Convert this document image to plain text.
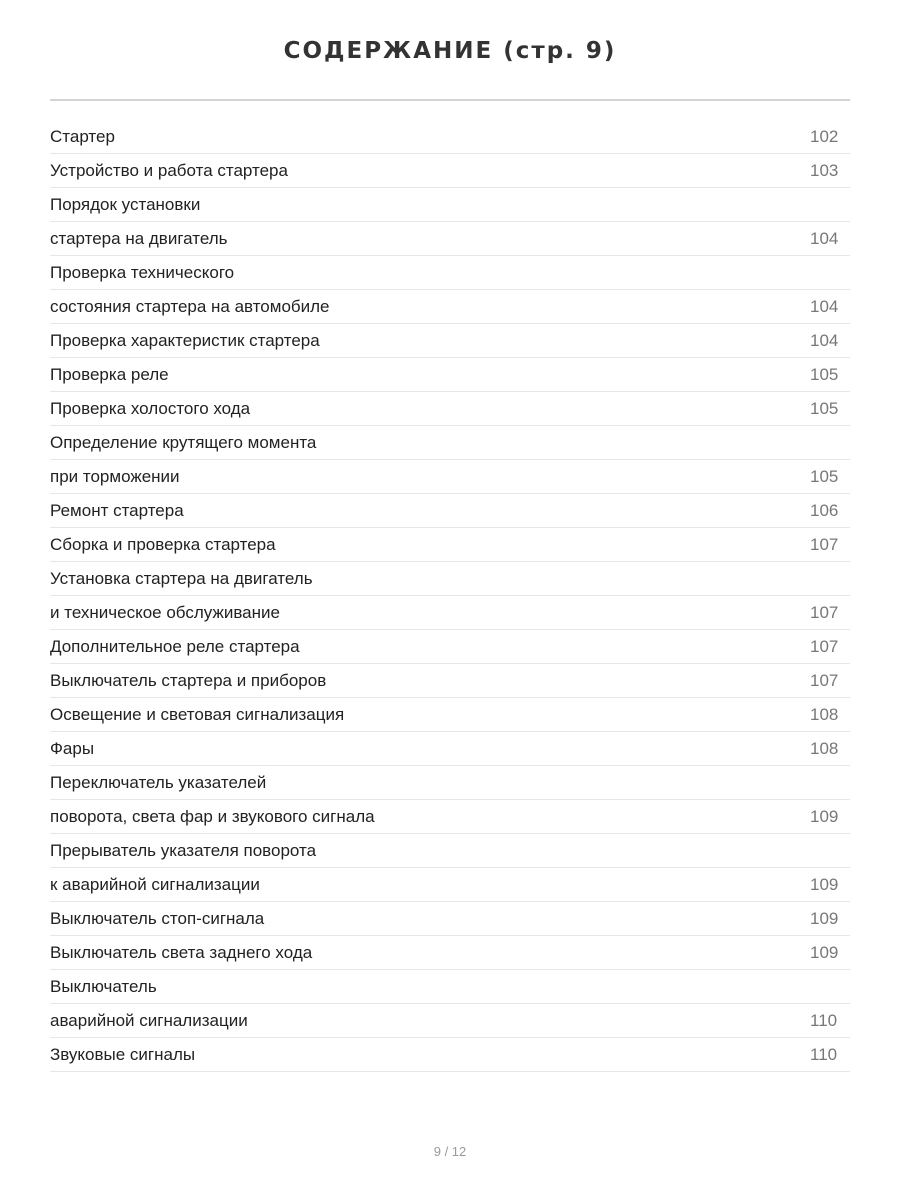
СОДЕРЖАНИЕ (стр. 9)
Стартер	102
Устройство и работа стартера	103
Порядок установки
стартера на двигатель	104
Проверка технического
состояния стартера на автомобиле	104
Проверка характеристик стартера	104
Проверка реле	105
Проверка холостого хода	105
Определение крутящего момента
при торможении	105
Ремонт стартера	106
Сборка и проверка стартера	107
Установка стартера на двигатель
и техническое обслуживание	107
Дополнительное реле стартера	107
Выключатель стартера и приборов	107
Освещение и световая сигнализация	108
Фары	108
Переключатель указателей
поворота, света фар и звукового сигнала	109
Прерыватель указателя поворота
к аварийной сигнализации	109
Выключатель стоп-сигнала	109
Выключатель света заднего хода	109
Выключатель
аварийной сигнализации	110
Звуковые сигналы	110
9 / 12
